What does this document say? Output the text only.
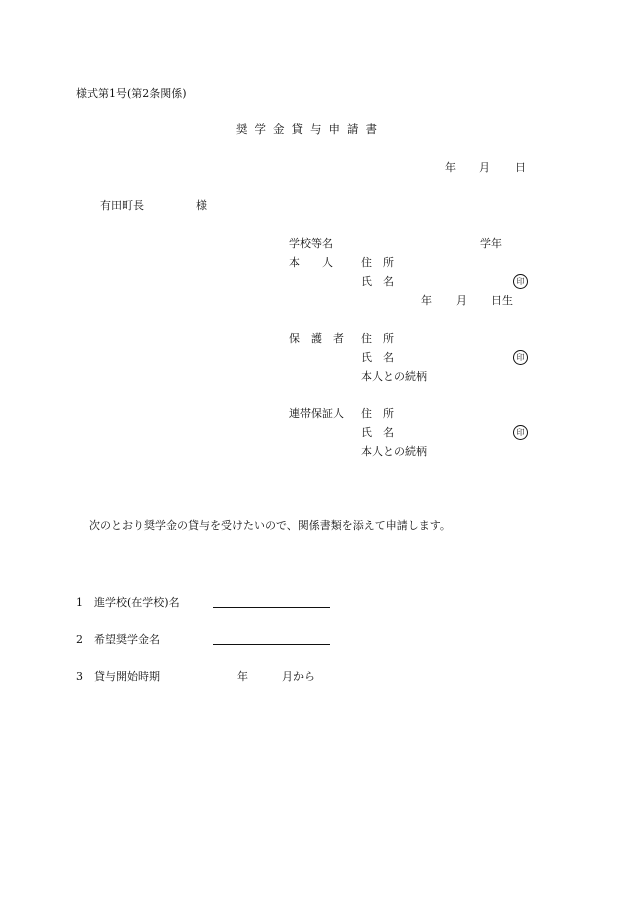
様式第1号(第2条関係)
奨学金貸与申請書
年 月 日
有田町長	様
学校等名	学年
本　　人	住　所
氏　名	印
年 月 日生
保　護　者 住　所
氏　名	印
本人との続柄
連帯保証人 住　所
氏　名	印
本人との続柄
次のとおり奨学金の貸与を受けたいので、関係書類を添えて申請します。
1 進学校(在学校)名
2 希望奨学金名
3 貸与開始時期	年	月から
